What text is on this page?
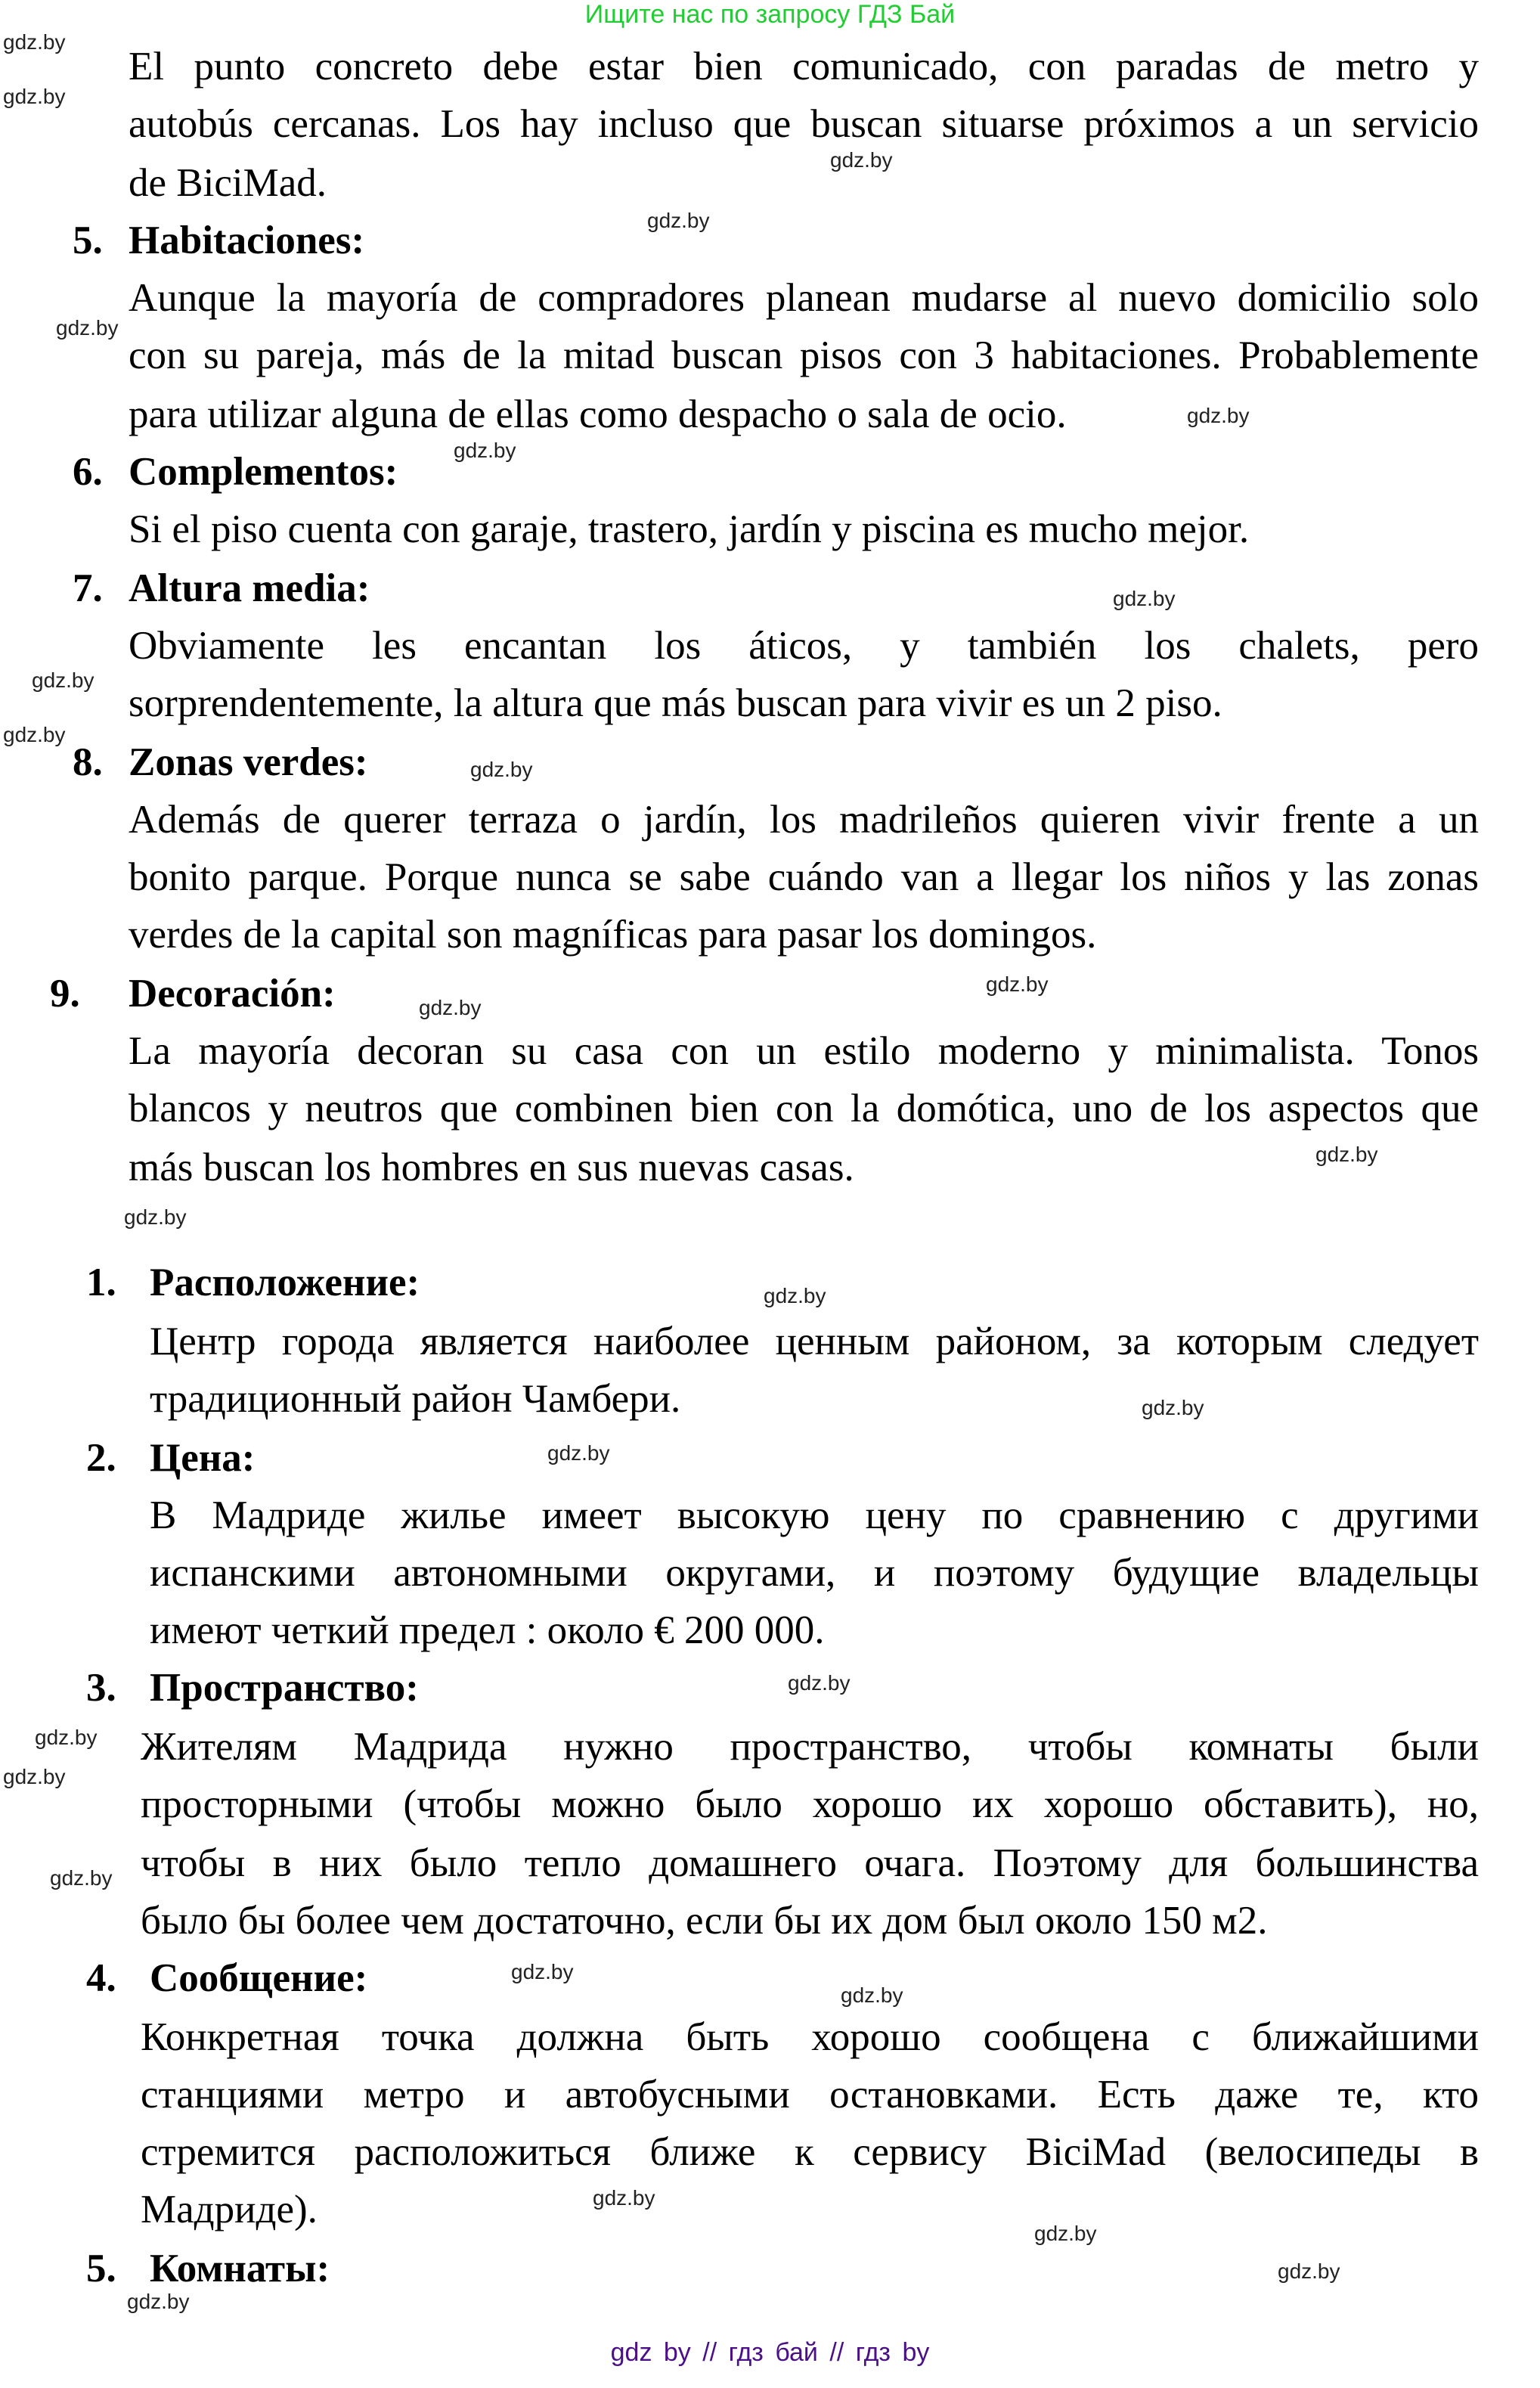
Ищите нас по запросу ГДЗ Бай
El punto concreto debe estar bien comunicado, con paradas de metro y
autobús cercanas. Los hay incluso que buscan situarse próximos a un servicio
de BiciMad.
5. Habitaciones:
Aunque la mayoría de compradores planean mudarse al nuevo domicilio solo
con su pareja, más de la mitad buscan pisos con 3 habitaciones. Probablemente
para utilizar alguna de ellas como despacho o sala de ocio.
6. Complementos:
Si el piso cuenta con garaje, trastero, jardín y piscina es mucho mejor.
7. Altura media:
Obviamente les encantan los áticos, y también los chalets, pero
sorprendentemente, la altura que más buscan para vivir es un 2 piso.
8. Zonas verdes:
Además de querer terraza o jardín, los madrileños quieren vivir frente a un
bonito parque. Porque nunca se sabe cuándo van a llegar los niños y las zonas
verdes de la capital son magníficas para pasar los domingos.
9. Decoración:
La mayoría decoran su casa con un estilo moderno y minimalista. Tonos
blancos y neutros que combinen bien con la domótica, uno de los aspectos que
más buscan los hombres en sus nuevas casas.
1. Расположение:
Центр города является наиболее ценным районом, за которым следует
традиционный район Чамбери.
2. Цена:
В Мадриде жилье имеет высокую цену по сравнению с другими
испанскими автономными округами, и поэтому будущие владельцы
имеют четкий предел : около € 200 000.
3. Пространство:
Жителям Мадрида нужно пространство, чтобы комнаты были
просторными (чтобы можно было хорошо их хорошо обставить), но,
чтобы в них было тепло домашнего очага. Поэтому для большинства
было бы более чем достаточно, если бы их дом был около 150 м2.
4. Сообщение:
Конкретная точка должна быть хорошо сообщена с ближайшими
станциями метро и автобусными остановками. Есть даже те, кто
стремится расположиться ближе к сервису BiciMad (велосипеды в
Мадриде).
5. Комнаты:
gdz.by
gdz.by
gdz.by
gdz.by
gdz.by
gdz.by
gdz.by
gdz.by
gdz.by
gdz.by
gdz.by
gdz.by
gdz.by
gdz.by
gdz.by
gdz.by
gdz.by
gdz.by
gdz.by
gdz.by
gdz.by
gdz.by
gdz.by
gdz.by
gdz.by
gdz.by
gdz.by
gdz.by
gdz by // гдз бай // гдз by
